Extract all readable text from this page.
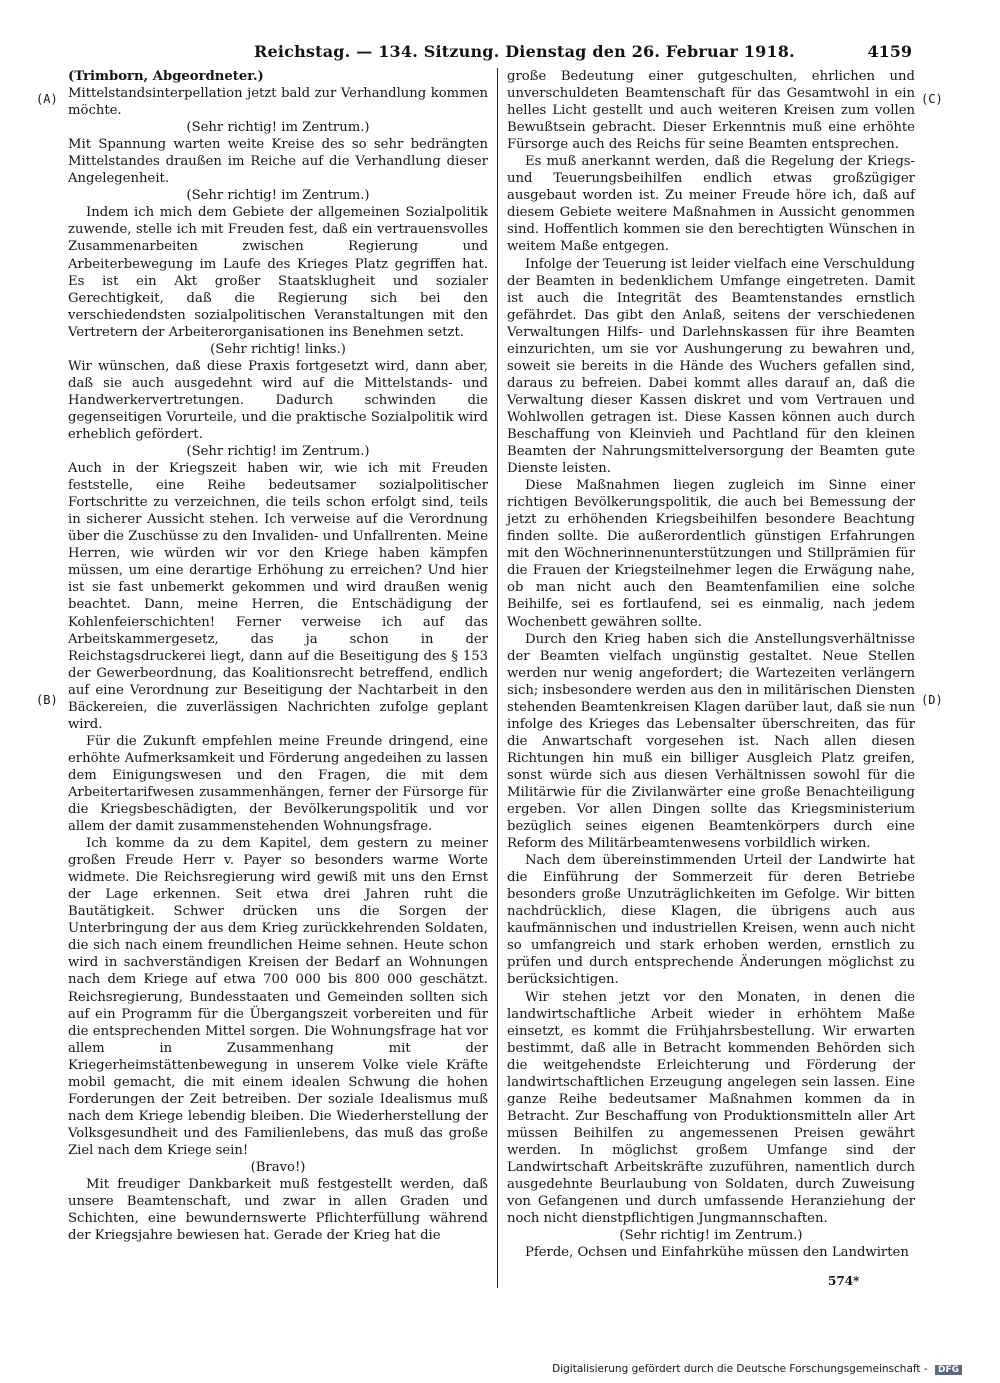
Reichstag. — 134. Sitzung. Dienstag den 26. Februar 1918.	4159
(A)
(B)
(C)
(D)

(Trimborn, Abgeordneter.)

Mittelstandsinterpellation jetzt bald zur Verhandlung kommen möchte.

(Sehr richtig! im Zentrum.)

Mit Spannung warten weite Kreise des so sehr bedrängten Mittelstandes draußen im Reiche auf die Verhandlung dieser Angelegenheit.

(Sehr richtig! im Zentrum.)

Indem ich mich dem Gebiete der allgemeinen Sozialpolitik zuwende, stelle ich mit Freuden fest, daß ein vertrauensvolles Zusammenarbeiten zwischen Regierung und Arbeiterbewegung im Laufe des Krieges Platz gegriffen hat. Es ist ein Akt großer Staatsklugheit und sozialer Gerechtigkeit, daß die Regierung sich bei den verschiedendsten sozialpolitischen Veranstaltungen mit den Vertretern der Arbeiterorganisationen ins Benehmen setzt.

(Sehr richtig! links.)

Wir wünschen, daß diese Praxis fortgesetzt wird, dann aber, daß sie auch ausgedehnt wird auf die Mittelstands- und Handwerkervertretungen. Dadurch schwinden die gegenseitigen Vorurteile, und die praktische Sozialpolitik wird erheblich gefördert.

(Sehr richtig! im Zentrum.)

Auch in der Kriegszeit haben wir, wie ich mit Freuden feststelle, eine Reihe bedeutsamer sozialpolitischer Fortschritte zu verzeichnen, die teils schon erfolgt sind, teils in sicherer Aussicht stehen. Ich verweise auf die Verordnung über die Zuschüsse zu den Invaliden- und Unfallrenten. Meine Herren, wie würden wir vor den Kriege haben kämpfen müssen, um eine derartige Erhöhung zu erreichen? Und hier ist sie fast unbemerkt gekommen und wird draußen wenig beachtet. Dann, meine Herren, die Entschädigung der Kohlenfeierschichten! Ferner verweise ich auf das Arbeitskammergesetz, das ja schon in der Reichstagsdruckerei liegt, dann auf die Beseitigung des § 153 der Gewerbeordnung, das Koalitionsrecht betreffend, endlich auf eine Verordnung zur Beseitigung der Nachtarbeit in den Bäckereien, die zuverlässigen Nachrichten zufolge geplant wird.

Für die Zukunft empfehlen meine Freunde dringend, eine erhöhte Aufmerksamkeit und Förderung angedeihen zu lassen dem Einigungswesen und den Fragen, die mit dem Arbeitertarifwesen zusammenhängen, ferner der Fürsorge für die Kriegsbeschädigten, der Bevölkerungspolitik und vor allem der damit zusammenstehenden Wohnungsfrage.

Ich komme da zu dem Kapitel, dem gestern zu meiner großen Freude Herr v. Payer so besonders warme Worte widmete. Die Reichsregierung wird gewiß mit uns den Ernst der Lage erkennen. Seit etwa drei Jahren ruht die Bautätigkeit. Schwer drücken uns die Sorgen der Unterbringung der aus dem Krieg zurückkehrenden Soldaten, die sich nach einem freundlichen Heime sehnen. Heute schon wird in sachverständigen Kreisen der Bedarf an Wohnungen nach dem Kriege auf etwa 700 000 bis 800 000 geschätzt. Reichsregierung, Bundesstaaten und Gemeinden sollten sich auf ein Programm für die Übergangszeit vorbereiten und für die entsprechenden Mittel sorgen. Die Wohnungsfrage hat vor allem in Zusammenhang mit der Kriegerheimstättenbewegung in unserem Volke viele Kräfte mobil gemacht, die mit einem idealen Schwung die hohen Forderungen der Zeit betreiben. Der soziale Idealismus muß nach dem Kriege lebendig bleiben. Die Wiederherstellung der Volksgesundheit und des Familienlebens, das muß das große Ziel nach dem Kriege sein!

(Bravo!)

Mit freudiger Dankbarkeit muß festgestellt werden, daß unsere Beamtenschaft, und zwar in allen Graden und Schichten, eine bewundernswerte Pflichterfüllung während der Kriegsjahre bewiesen hat. Gerade der Krieg hat die

große Bedeutung einer gutgeschulten, ehrlichen und unverschuldeten Beamtenschaft für das Gesamtwohl in ein helles Licht gestellt und auch weiteren Kreisen zum vollen Bewußtsein gebracht. Dieser Erkenntnis muß eine erhöhte Fürsorge auch des Reichs für seine Beamten entsprechen.

Es muß anerkannt werden, daß die Regelung der Kriegs- und Teuerungsbeihilfen endlich etwas großzügiger ausgebaut worden ist. Zu meiner Freude höre ich, daß auf diesem Gebiete weitere Maßnahmen in Aussicht genommen sind. Hoffentlich kommen sie den berechtigten Wünschen in weitem Maße entgegen.

Infolge der Teuerung ist leider vielfach eine Verschuldung der Beamten in bedenklichem Umfange eingetreten. Damit ist auch die Integrität des Beamtenstandes ernstlich gefährdet. Das gibt den Anlaß, seitens der verschiedenen Verwaltungen Hilfs- und Darlehnskassen für ihre Beamten einzurichten, um sie vor Aushungerung zu bewahren und, soweit sie bereits in die Hände des Wuchers gefallen sind, daraus zu befreien. Dabei kommt alles darauf an, daß die Verwaltung dieser Kassen diskret und vom Vertrauen und Wohlwollen getragen ist. Diese Kassen können auch durch Beschaffung von Kleinvieh und Pachtland für den kleinen Beamten der Nahrungsmittelversorgung der Beamten gute Dienste leisten.

Diese Maßnahmen liegen zugleich im Sinne einer richtigen Bevölkerungspolitik, die auch bei Bemessung der jetzt zu erhöhenden Kriegsbeihilfen besondere Beachtung finden sollte. Die außerordentlich günstigen Erfahrungen mit den Wöchnerinnenunterstützungen und Stillprämien für die Frauen der Kriegsteilnehmer legen die Erwägung nahe, ob man nicht auch den Beamtenfamilien eine solche Beihilfe, sei es fortlaufend, sei es einmalig, nach jedem Wochenbett gewähren sollte.

Durch den Krieg haben sich die Anstellungsverhältnisse der Beamten vielfach ungünstig gestaltet. Neue Stellen werden nur wenig angefordert; die Wartezeiten verlängern sich; insbesondere werden aus den in militärischen Diensten stehenden Beamtenkreisen Klagen darüber laut, daß sie nun infolge des Krieges das Lebensalter überschreiten, das für die Anwartschaft vorgesehen ist. Nach allen diesen Richtungen hin muß ein billiger Ausgleich Platz greifen, sonst würde sich aus diesen Verhältnissen sowohl für die Militärwie für die Zivilanwärter eine große Benachteiligung ergeben. Vor allen Dingen sollte das Kriegsministerium bezüglich seines eigenen Beamtenkörpers durch eine Reform des Militärbeamtenwesens vorbildlich wirken.

Nach dem übereinstimmenden Urteil der Landwirte hat die Einführung der Sommerzeit für deren Betriebe besonders große Unzuträglichkeiten im Gefolge. Wir bitten nachdrücklich, diese Klagen, die übrigens auch aus kaufmännischen und industriellen Kreisen, wenn auch nicht so umfangreich und stark erhoben werden, ernstlich zu prüfen und durch entsprechende Änderungen möglichst zu berücksichtigen.

Wir stehen jetzt vor den Monaten, in denen die landwirtschaftliche Arbeit wieder in erhöhtem Maße einsetzt, es kommt die Frühjahrsbestellung. Wir erwarten bestimmt, daß alle in Betracht kommenden Behörden sich die weitgehendste Erleichterung und Förderung der landwirtschaftlichen Erzeugung angelegen sein lassen. Eine ganze Reihe bedeutsamer Maßnahmen kommen da in Betracht. Zur Beschaffung von Produktionsmitteln aller Art müssen Beihilfen zu angemessenen Preisen gewährt werden. In möglichst großem Umfange sind der Landwirtschaft Arbeitskräfte zuzuführen, namentlich durch ausgedehnte Beurlaubung von Soldaten, durch Zuweisung von Gefangenen und durch umfassende Heranziehung der noch nicht dienstpflichtigen Jungmannschaften.

(Sehr richtig! im Zentrum.)

Pferde, Ochsen und Einfahrkühe müssen den Landwirten

574*
Digitalisierung gefördert durch die Deutsche Forschungsgemeinschaft - DFG
